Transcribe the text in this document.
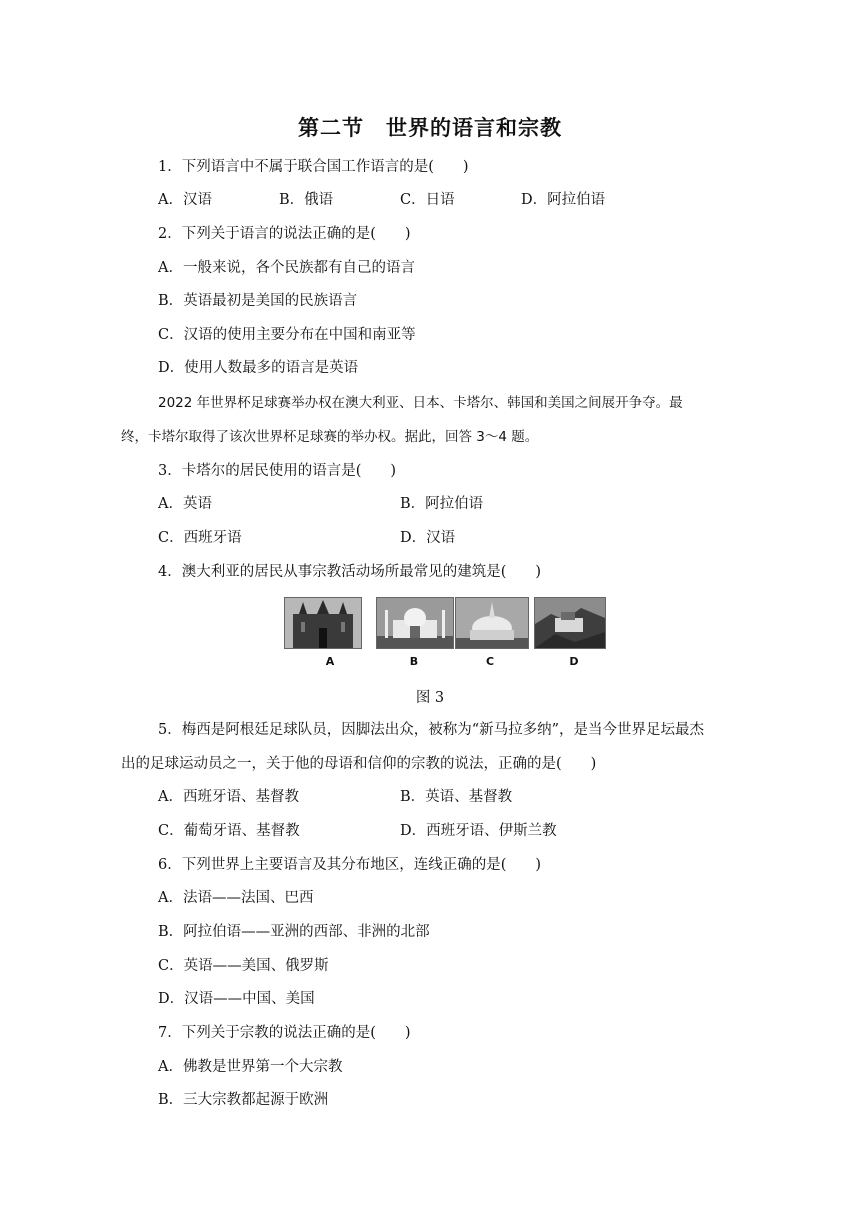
第二节　世界的语言和宗教
1．下列语言中不属于联合国工作语言的是(　　)
A．汉语	B．俄语	C．日语	D．阿拉伯语
2．下列关于语言的说法正确的是(　　)
A．一般来说，各个民族都有自己的语言
B．英语最初是美国的民族语言
C．汉语的使用主要分布在中国和南亚等
D．使用人数最多的语言是英语
2022 年世界杯足球赛举办权在澳大利亚、日本、卡塔尔、韩国和美国之间展开争夺。最
终，卡塔尔取得了该次世界杯足球赛的举办权。据此，回答 3～4 题。
3．卡塔尔的居民使用的语言是(　　)
A．英语	B．阿拉伯语
C．西班牙语	D．汉语
4．澳大利亚的居民从事宗教活动场所最常见的建筑是(　　)
A	B	C	D
图 3
5．梅西是阿根廷足球队员，因脚法出众，被称为“新马拉多纳”，是当今世界足坛最杰
出的足球运动员之一，关于他的母语和信仰的宗教的说法，正确的是(　　)
A．西班牙语、基督教	B．英语、基督教
C．葡萄牙语、基督教	D．西班牙语、伊斯兰教
6．下列世界上主要语言及其分布地区，连线正确的是(　　)
A．法语——法国、巴西
B．阿拉伯语——亚洲的西部、非洲的北部
C．英语——美国、俄罗斯
D．汉语——中国、美国
7．下列关于宗教的说法正确的是(　　)
A．佛教是世界第一个大宗教
B．三大宗教都起源于欧洲
